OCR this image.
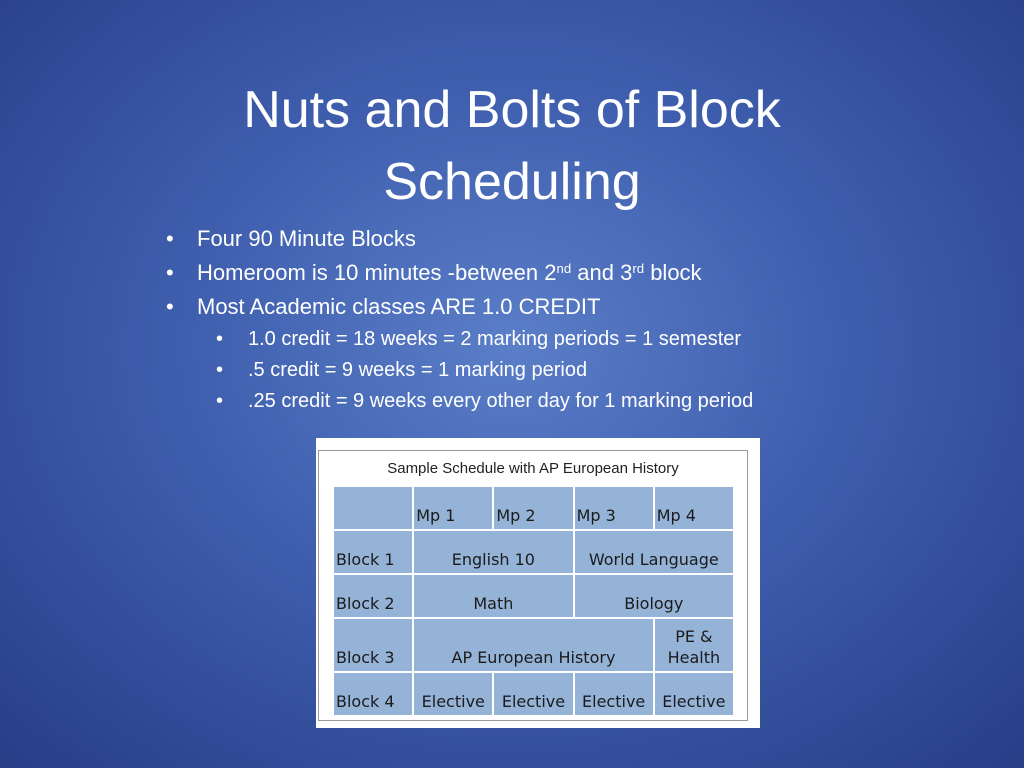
Nuts and Bolts of Block Scheduling
• Four 90 Minute Blocks
• Homeroom is 10 minutes -between 2nd and 3rd block
• Most Academic classes ARE 1.0 CREDIT
• 1.0 credit = 18 weeks = 2 marking periods = 1 semester
• .5 credit = 9 weeks = 1 marking period
• .25 credit = 9 weeks every other day for 1 marking period
Sample Schedule with AP European History
	Mp 1	Mp 2	Mp 3	Mp 4
Block 1	English 10		World Language	
Block 2	Math		Biology	
Block 3	AP European History			PE &
Health
Block 4	Elective	Elective	Elective	Elective
